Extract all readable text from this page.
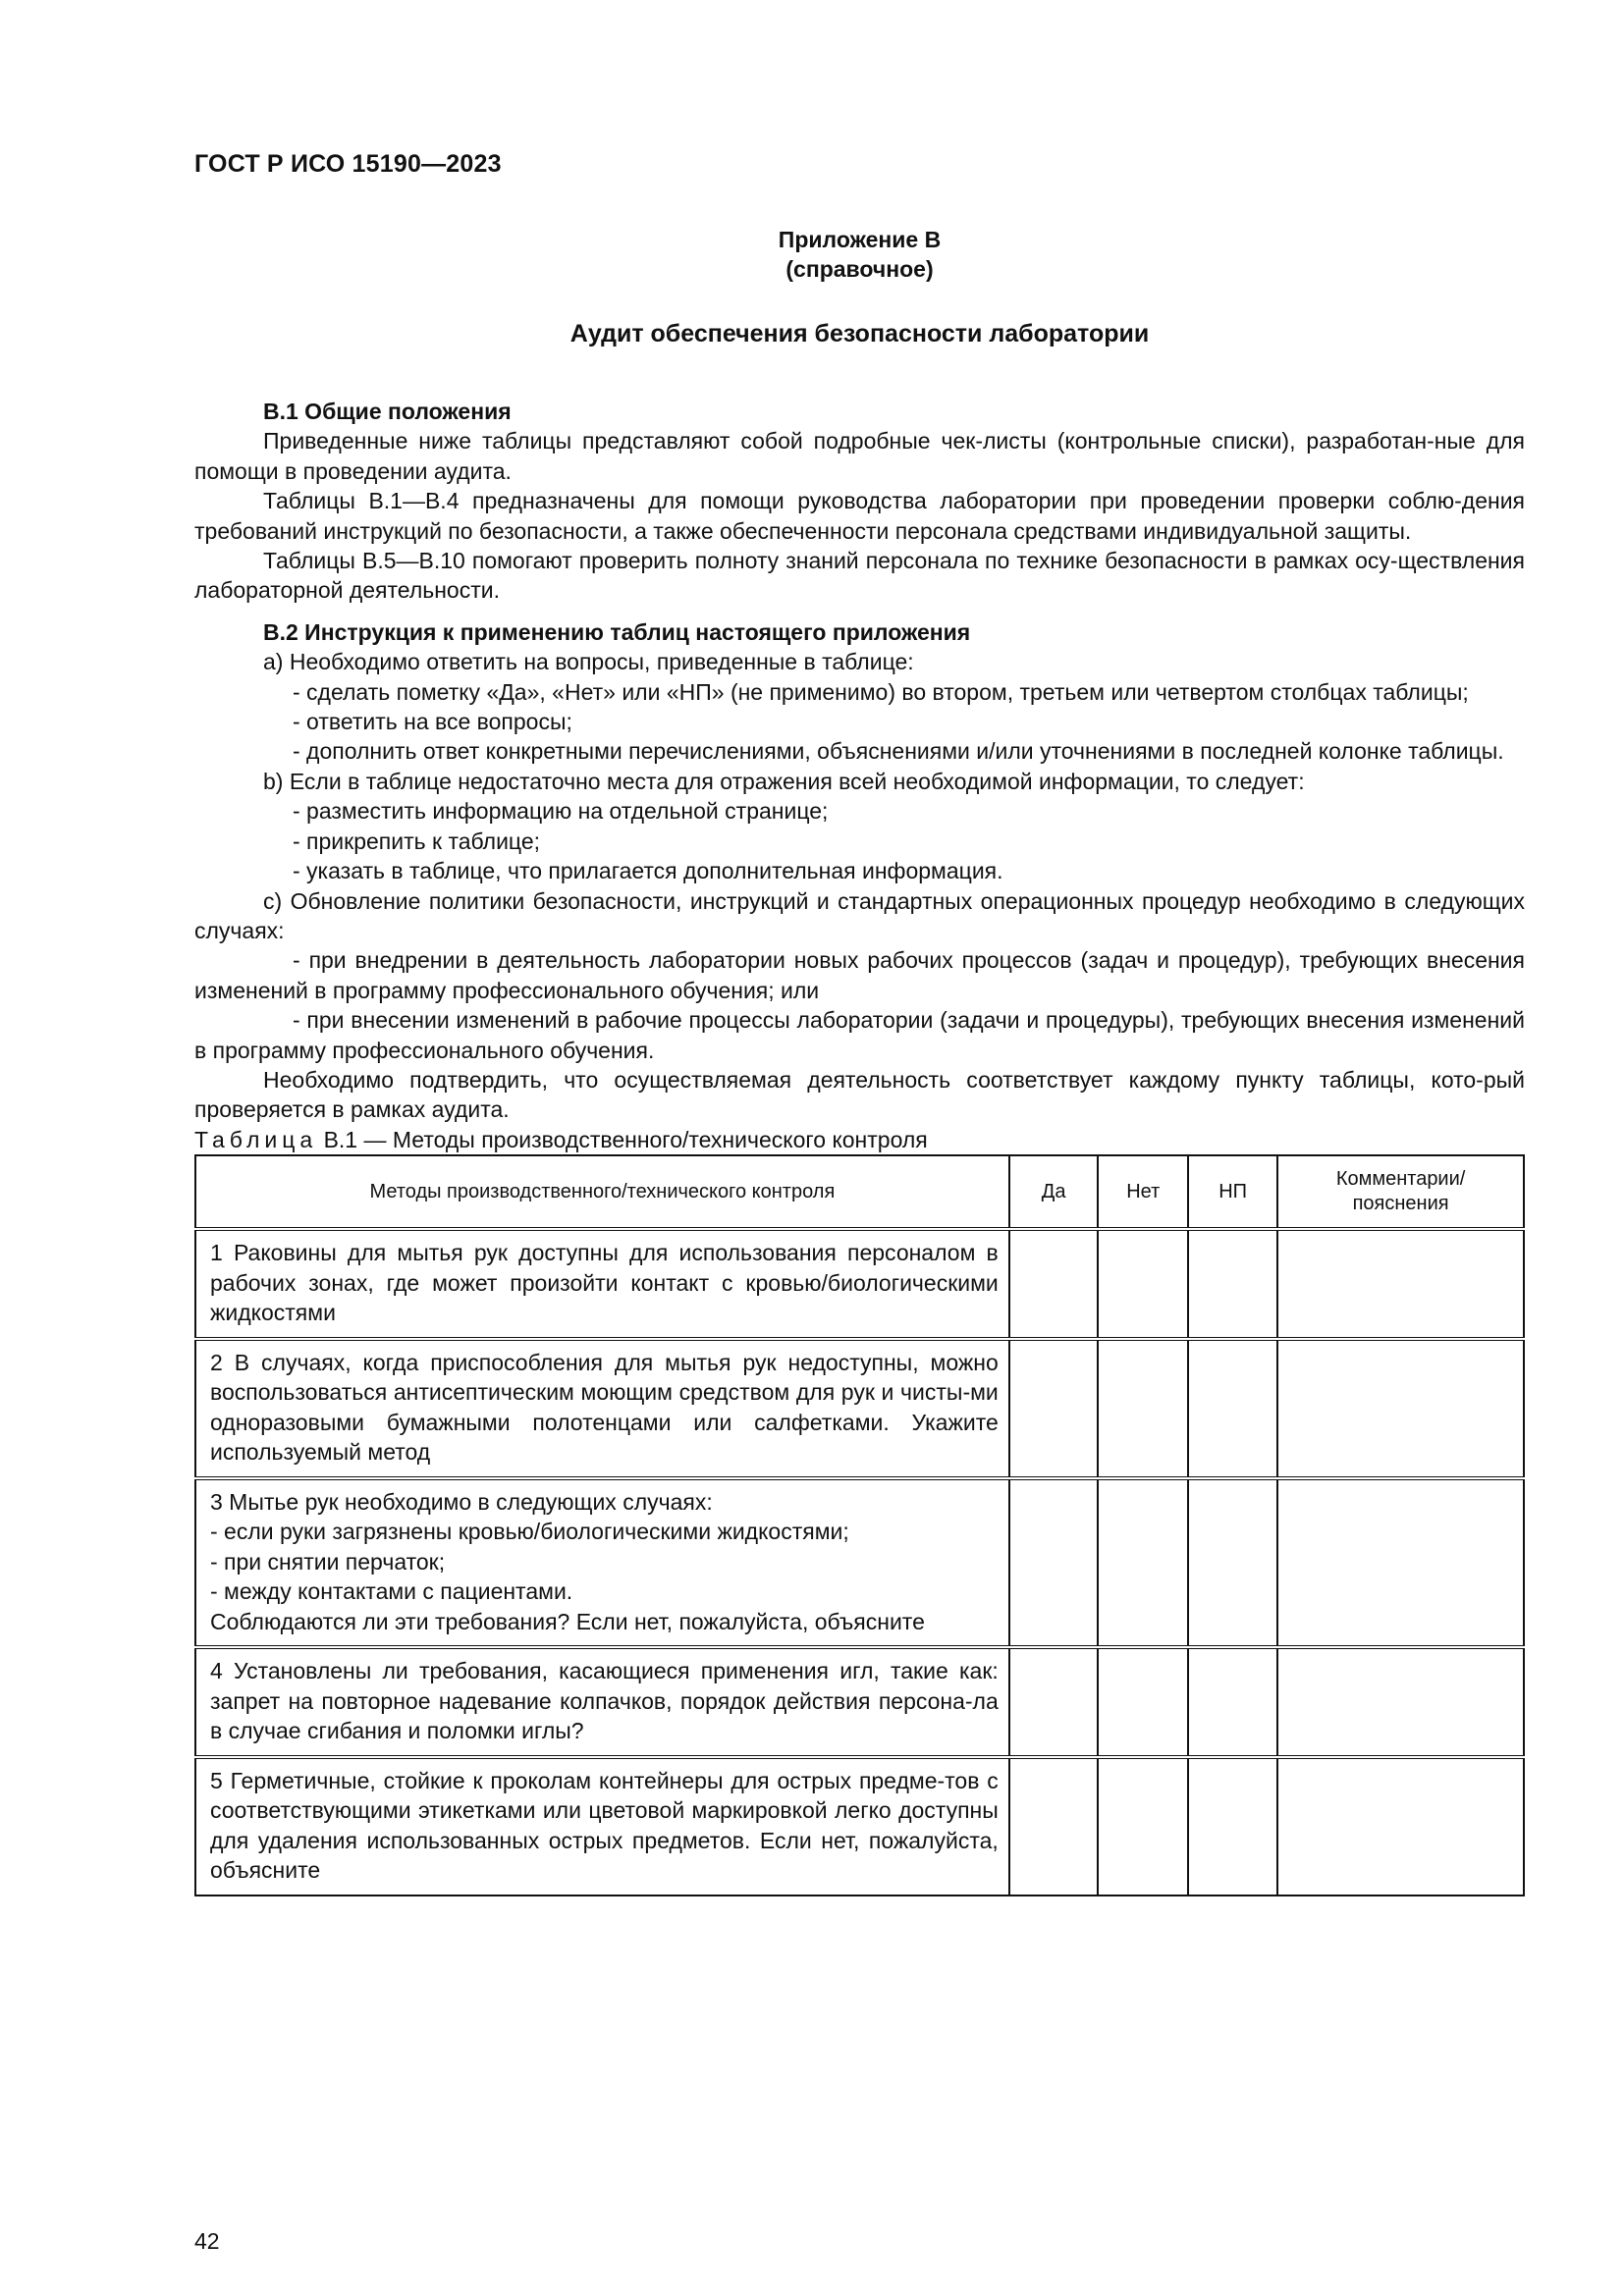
ГОСТ Р ИСО 15190—2023
Приложение В
(справочное)
Аудит обеспечения безопасности лаборатории

В.1 Общие положения

Приведенные ниже таблицы представляют собой подробные чек-листы (контрольные списки), разработан-ные для помощи в проведении аудита.

Таблицы В.1—В.4 предназначены для помощи руководства лаборатории при проведении проверки соблю-дения требований инструкций по безопасности, а также обеспеченности персонала средствами индивидуальной защиты.

Таблицы В.5—В.10 помогают проверить полноту знаний персонала по технике безопасности в рамках осу-ществления лабораторной деятельности.

В.2 Инструкция к применению таблиц настоящего приложения

а) Необходимо ответить на вопросы, приведенные в таблице:

- сделать пометку «Да», «Нет» или «НП» (не применимо) во втором, третьем или четвертом столбцах таблицы;

- ответить на все вопросы;

- дополнить ответ конкретными перечислениями, объяснениями и/или уточнениями в последней колонке таблицы.

b) Если в таблице недостаточно места для отражения всей необходимой информации, то следует:

- разместить информацию на отдельной странице;

- прикрепить к таблице;

- указать в таблице, что прилагается дополнительная информация.

с) Обновление политики безопасности, инструкций и стандартных операционных процедур необходимо в следующих случаях:

- при внедрении в деятельность лаборатории новых рабочих процессов (задач и процедур), требующих внесения изменений в программу профессионального обучения; или

- при внесении изменений в рабочие процессы лаборатории (задачи и процедуры), требующих внесения изменений в программу профессионального обучения.

Необходимо подтвердить, что осуществляемая деятельность соответствует каждому пункту таблицы, кото-рый проверяется в рамках аудита.

Таблица В.1 — Методы производственного/технического контроля

Методы производственного/технического контроля	Да	Нет	НП	Комментарии/ пояснения
1 Раковины для мытья рук доступны для использования персоналом в рабочих зонах, где может произойти контакт с кровью/биологическими жидкостями				
2 В случаях, когда приспособления для мытья рук недоступны, можно воспользоваться антисептическим моющим средством для рук и чисты-ми одноразовыми бумажными полотенцами или салфетками. Укажите используемый метод				

3 Мытье рук необходимо в следующих случаях:
- если руки загрязнены кровью/биологическими жидкостями;
- при снятии перчаток;
- между контактами с пациентами.
Соблюдаются ли эти требования? Если нет, пожалуйста, объясните				

4 Установлены ли требования, касающиеся применения игл, такие как: запрет на повторное надевание колпачков, порядок действия персона-ла в случае сгибания и поломки иглы?				
5 Герметичные, стойкие к проколам контейнеры для острых предме-тов с соответствующими этикетками или цветовой маркировкой легко доступны для удаления использованных острых предметов. Если нет, пожалуйста, объясните				
42
